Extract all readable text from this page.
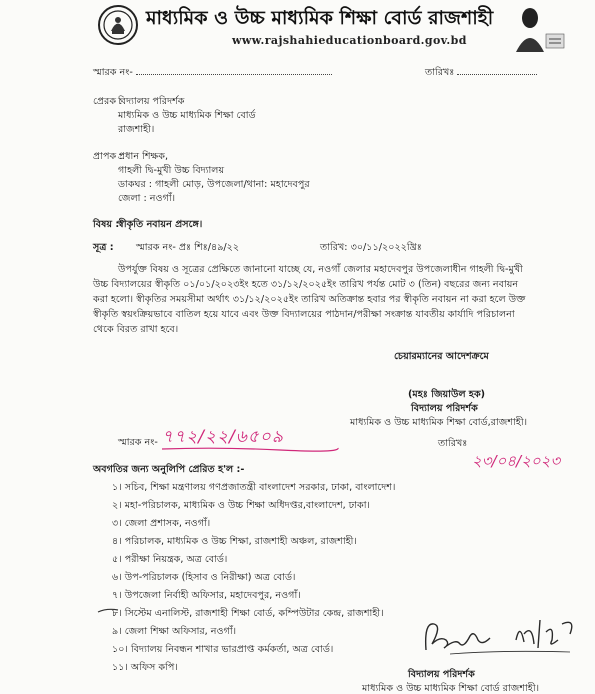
মাধ্যমিক ও উচ্চ মাধ্যমিক শিক্ষা বোর্ড রাজশাহী
www.rajshahieducationboard.gov.bd
স্মারক নং-	তারিখঃ
প্রেরক :
বিদ্যালয় পরিদর্শক
মাধ্যমিক ও উচ্চ মাধ্যমিক শিক্ষা বোর্ড
রাজশাহী।
প্রাপক :
প্রধান শিক্ষক,
গাহলী দ্বি-মুখী উচ্চ বিদ্যালয়
ডাকঘর : গাহলী মোড়, উপজেলা/থানা: মহাদেবপুর
জেলা : নওগাঁ।
বিষয় :
স্বীকৃতি নবায়ন প্রসঙ্গে।
সূত্র : স্মারক নং- প্রঃ শিঃ/৪৯/২২	তারিখ: ৩০/১১/২০২২খ্রিঃ
উপর্যুক্ত বিষয় ও সূত্রের প্রেক্ষিতে জানানো যাচ্ছে যে, নওগাঁ জেলার মহাদেবপুর উপজেলাধীন গাহলী দ্বি-মুখী
উচ্চ বিদ্যালয়ের স্বীকৃতি ০১/০১/২০২৩ইং হতে ৩১/১২/২০২৫ইং তারিখ পর্যন্ত মোট ৩ (তিন) বছরের জন্য নবায়ন
করা হলো। স্বীকৃতির সময়সীমা অর্থাৎ ৩১/১২/২০২৫ইং তারিখ অতিক্রান্ত হবার পর স্বীকৃতি নবায়ন না করা হলে উক্ত
স্বীকৃতি স্বয়ংক্রিয়ভাবে বাতিল হয়ে যাবে এবং উক্ত বিদ্যালয়ের পাঠদান/পরীক্ষা সংক্রান্ত যাবতীয় কার্যাদি পরিচালনা
থেকে বিরত রাখা হবে।
চেয়ারম্যানের আদেশক্রমে
(মহঃ জিয়াউল হক)
বিদ্যালয় পরিদর্শক
মাধ্যমিক ও উচ্চ মাধ্যমিক শিক্ষা বোর্ড,রাজশাহী।
স্মারক নং- ৭৭২/২২/৬৫০৯	তারিখঃ
২৩/০৪/২০২৩
অবগতির জন্য অনুলিপি প্রেরিত হ'ল :-
১। সচিব, শিক্ষা মন্ত্রণালয় গণপ্রজাতন্ত্রী বাংলাদেশ সরকার, ঢাকা, বাংলাদেশ।
২। মহা-পরিচালক, মাধ্যমিক ও উচ্চ শিক্ষা অধিদপ্তর,বাংলাদেশ, ঢাকা।
৩। জেলা প্রশাসক, নওগাঁ।
৪। পরিচালক, মাধ্যমিক ও উচ্চ শিক্ষা, রাজশাহী অঞ্চল, রাজশাহী।
৫। পরীক্ষা নিয়ন্ত্রক, অত্র বোর্ড।
৬। উপ-পরিচালক (হিসাব ও নিরীক্ষা) অত্র বোর্ড।
৭। উপজেলা নির্বাহী অফিসার, মহাদেবপুর, নওগাঁ।
৮। সিস্টেম এনালিস্ট, রাজশাহী শিক্ষা বোর্ড, কম্পিউটার কেন্দ্র, রাজশাহী।
৯। জেলা শিক্ষা অফিসার, নওগাঁ।
১০। বিদ্যালয় নিবন্ধন শাখার ভারপ্রাপ্ত কর্মকর্তা, অত্র বোর্ড।
১১। অফিস কপি।
বিদ্যালয় পরিদর্শক
মাধ্যমিক ও উচ্চ মাধ্যমিক শিক্ষা বোর্ড রাজশাহী।
